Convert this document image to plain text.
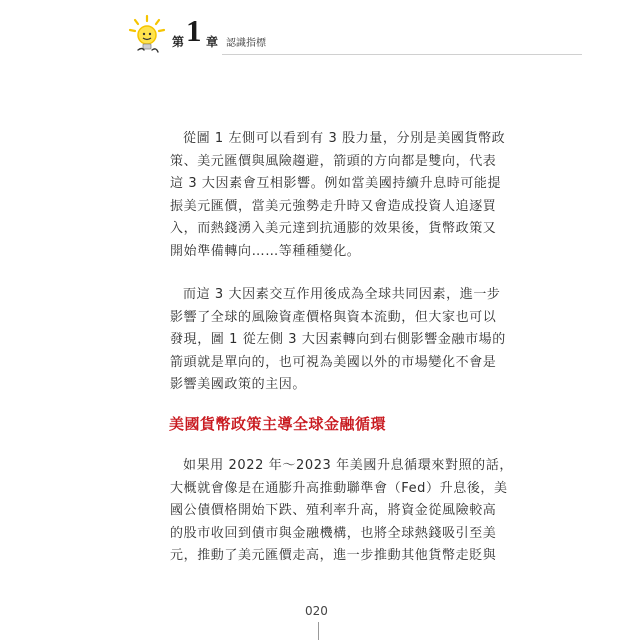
第 1 章 認識指標
從圖 1 左側可以看到有 3 股力量，分別是美國貨幣政
策、美元匯價與風險趨避，箭頭的方向都是雙向，代表
這 3 大因素會互相影響。例如當美國持續升息時可能提
振美元匯價，當美元強勢走升時又會造成投資人追逐買
入，而熱錢湧入美元達到抗通膨的效果後，貨幣政策又
開始準備轉向……等種種變化。
而這 3 大因素交互作用後成為全球共同因素，進一步
影響了全球的風險資產價格與資本流動，但大家也可以
發現，圖 1 從左側 3 大因素轉向到右側影響金融市場的
箭頭就是單向的，也可視為美國以外的市場變化不會是
影響美國政策的主因。
美國貨幣政策主導全球金融循環
如果用 2022 年～2023 年美國升息循環來對照的話，
大概就會像是在通膨升高推動聯準會（Fed）升息後，美
國公債價格開始下跌、殖利率升高，將資金從風險較高
的股市收回到債市與金融機構，也將全球熱錢吸引至美
元，推動了美元匯價走高，進一步推動其他貨幣走貶與
020
